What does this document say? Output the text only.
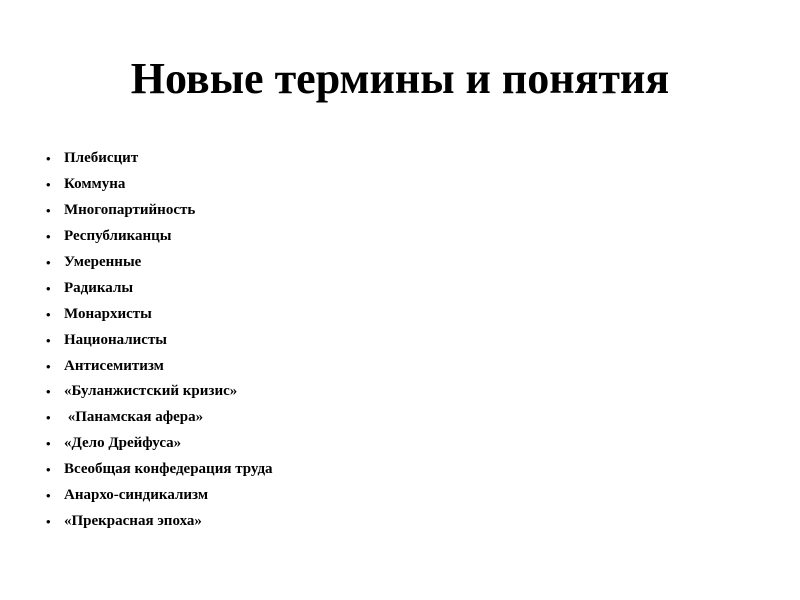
Новые термины и понятия
• Плебисцит
• Коммуна
• Многопартийность
• Республиканцы
• Умеренные
• Радикалы
• Монархисты
• Националисты
• Антисемитизм
• «Буланжистский кризис»
• «Панамская афера»
• «Дело Дрейфуса»
• Всеобщая конфедерация труда
• Анархо-синдикализм
• «Прекрасная эпоха»
